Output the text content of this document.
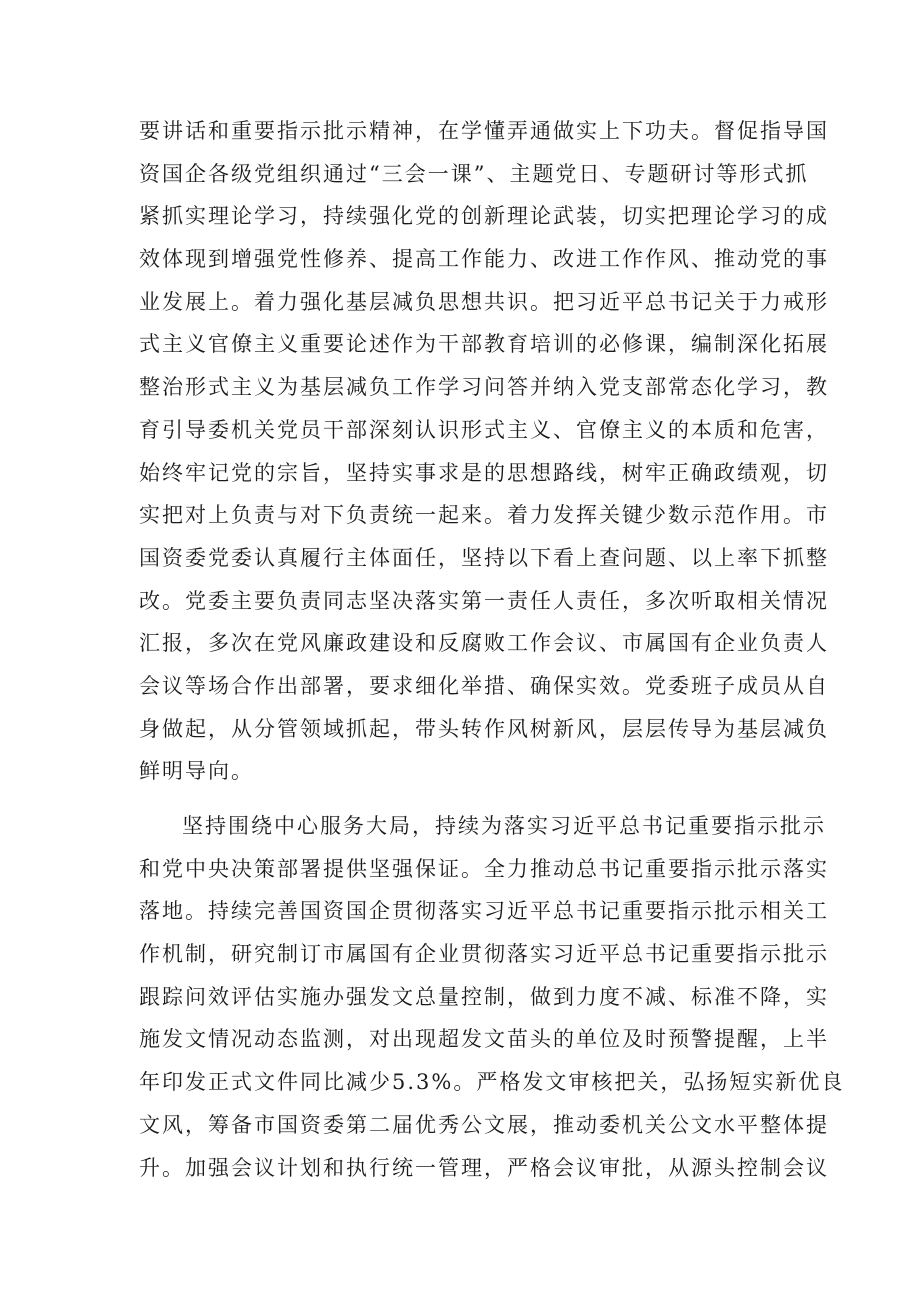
要讲话和重要指示批示精神，在学懂弄通做实上下功夫。督促指导国
资国企各级党组织通过“三会一课”、主题党日、专题研讨等形式抓
紧抓实理论学习，持续强化党的创新理论武装，切实把理论学习的成
效体现到增强党性修养、提高工作能力、改进工作作风、推动党的事
业发展上。着力强化基层减负思想共识。把习近平总书记关于力戒形
式主义官僚主义重要论述作为干部教育培训的必修课，编制深化拓展
整治形式主义为基层减负工作学习问答并纳入党支部常态化学习，教
育引导委机关党员干部深刻认识形式主义、官僚主义的本质和危害，
始终牢记党的宗旨，坚持实事求是的思想路线，树牢正确政绩观，切
实把对上负责与对下负责统一起来。着力发挥关键少数示范作用。市
国资委党委认真履行主体面任，坚持以下看上查问题、以上率下抓整
改。党委主要负责同志坚决落实第一责任人责任，多次听取相关情况
汇报，多次在党风廉政建设和反腐败工作会议、市属国有企业负责人
会议等场合作出部署，要求细化举措、确保实效。党委班子成员从自
身做起，从分管领域抓起，带头转作风树新风，层层传导为基层减负
鲜明导向。
坚持围绕中心服务大局，持续为落实习近平总书记重要指示批示
和党中央决策部署提供坚强保证。全力推动总书记重要指示批示落实
落地。持续完善国资国企贯彻落实习近平总书记重要指示批示相关工
作机制，研究制订市属国有企业贯彻落实习近平总书记重要指示批示
跟踪问效评估实施办强发文总量控制，做到力度不减、标准不降，实
施发文情况动态监测，对出现超发文苗头的单位及时预警提醒，上半
年印发正式文件同比减少5.3%。严格发文审核把关，弘扬短实新优良
文风，筹备市国资委第二届优秀公文展，推动委机关公文水平整体提
升。加强会议计划和执行统一管理，严格会议审批，从源头控制会议
